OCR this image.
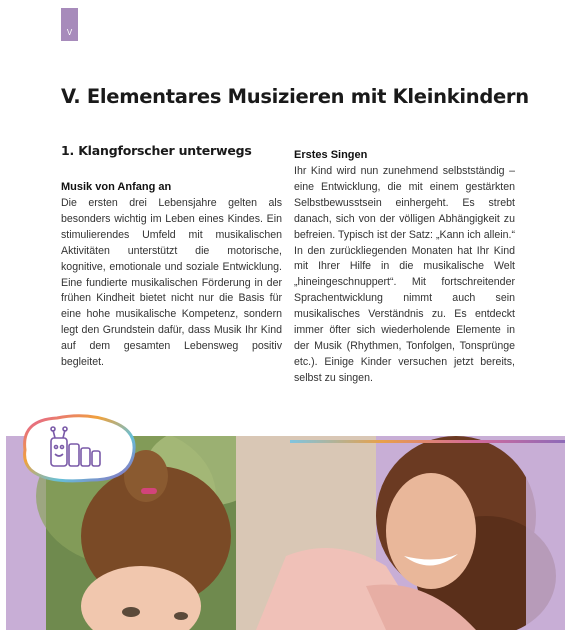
V
V. Elementares Musizieren mit Kleinkindern
1. Klangforscher unterwegs
Musik von Anfang an

Die ersten drei Lebensjahre gelten als besonders wichtig im Leben eines Kindes. Ein stimulierendes Umfeld mit musikalischen Aktivitäten unterstützt die motorische, kognitive, emotionale und soziale Entwicklung. Eine fundierte musikalischen Förderung in der frühen Kindheit bietet nicht nur die Basis für eine hohe musikalische Kompetenz, sondern legt den Grundstein dafür, dass Musik Ihr Kind auf dem gesamten Lebensweg positiv begleitet.

Erstes Singen

Ihr Kind wird nun zunehmend selbstständig – eine Entwicklung, die mit einem gestärkten Selbstbewusstsein einhergeht. Es strebt danach, sich von der völligen Abhängigkeit zu befreien. Typisch ist der Satz: „Kann ich allein.“ In den zurückliegenden Monaten hat Ihr Kind mit Ihrer Hilfe in die musikalische Welt „hineingeschnuppert“. Mit fortschreitender Sprachentwicklung nimmt auch sein musikalisches Verständnis zu. Es entdeckt immer öfter sich wiederholende Elemente in der Musik (Rhythmen, Tonfolgen, Tonsprünge etc.). Einige Kinder versuchen jetzt bereits, selbst zu singen.
